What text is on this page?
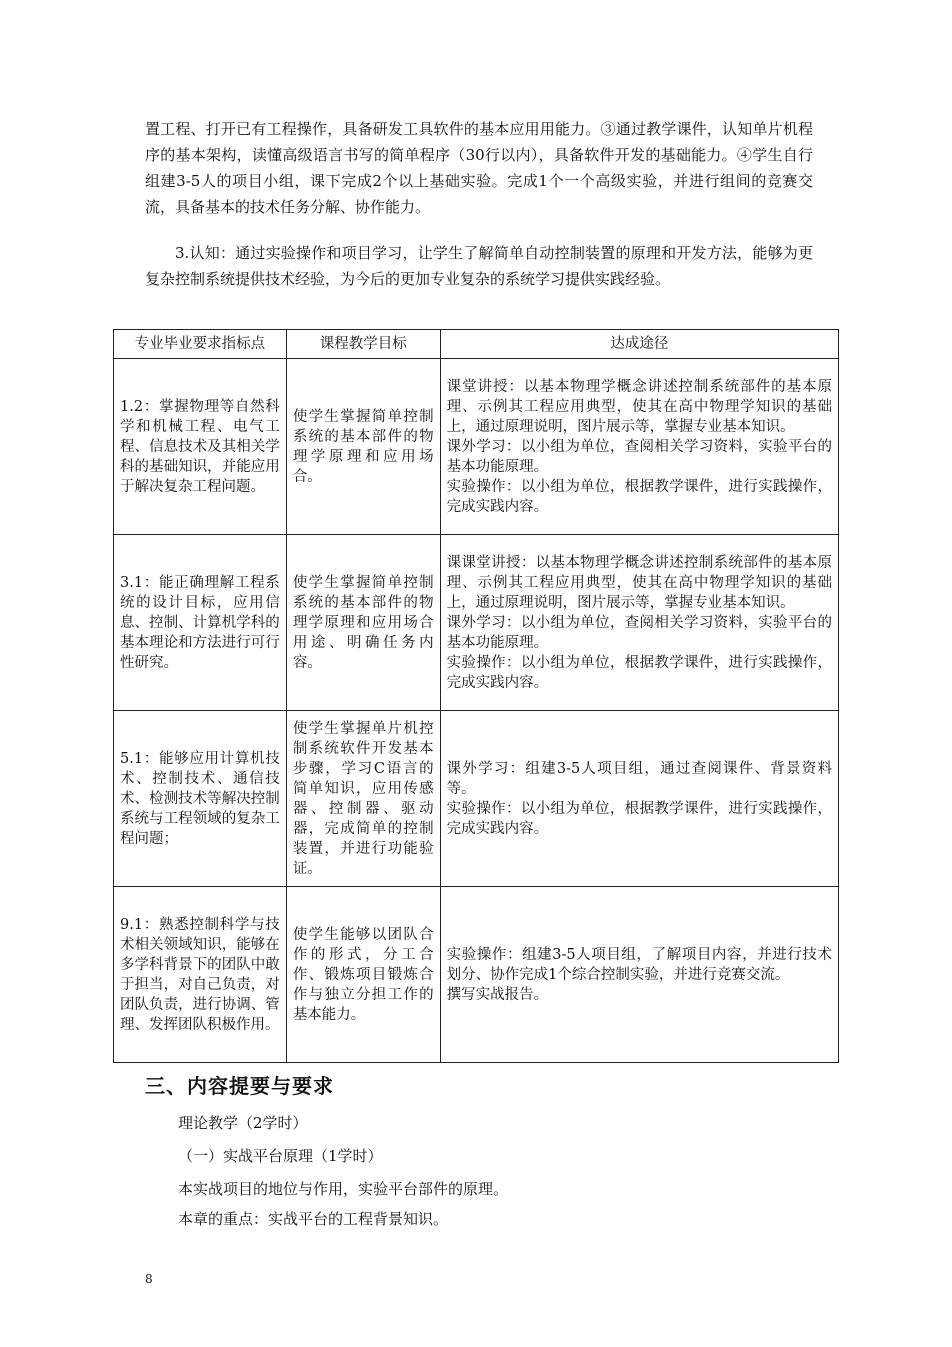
置工程、打开已有工程操作，具备研发工具软件的基本应用用能力。③通过教学课件，认知单片机程序的基本架构，读懂高级语言书写的简单程序（30行以内），具备软件开发的基础能力。④学生自行组建3-5人的项目小组，课下完成2个以上基础实验。完成1个一个高级实验，并进行组间的竞赛交流，具备基本的技术任务分解、协作能力。

3.认知：通过实验操作和项目学习，让学生了解简单自动控制装置的原理和开发方法，能够为更复杂控制系统提供技术经验，为今后的更加专业复杂的系统学习提供实践经验。

专业毕业要求指标点	课程教学目标	达成途径
1.2：掌握物理等自然科学和机械工程、电气工程、信息技术及其相关学科的基础知识，并能应用于解决复杂工程问题。	使学生掌握简单控制系统的基本部件的物理学原理和应用场合。	课堂讲授：以基本物理学概念讲述控制系统部件的基本原理、示例其工程应用典型，使其在高中物理学知识的基础上，通过原理说明，图片展示等，掌握专业基本知识。
课外学习：以小组为单位，查阅相关学习资料，实验平台的基本功能原理。
实验操作：以小组为单位，根据教学课件，进行实践操作，完成实践内容。

3.1：能正确理解工程系统的设计目标，应用信息、控制、计算机学科的基本理论和方法进行可行性研究。	使学生掌握简单控制系统的基本部件的物理学原理和应用场合用途、明确任务内容。	课课堂讲授：以基本物理学概念讲述控制系统部件的基本原理、示例其工程应用典型，使其在高中物理学知识的基础上，通过原理说明，图片展示等，掌握专业基本知识。
课外学习：以小组为单位，查阅相关学习资料，实验平台的基本功能原理。
实验操作：以小组为单位，根据教学课件，进行实践操作，完成实践内容。

5.1：能够应用计算机技术、控制技术、通信技术、检测技术等解决控制系统与工程领域的复杂工程问题；	使学生掌握单片机控制系统软件开发基本步骤，学习C语言的简单知识，应用传感器、控制器、驱动器，完成简单的控制装置，并进行功能验证。	课外学习：组建3-5人项目组，通过查阅课件、背景资料等。
实验操作：以小组为单位，根据教学课件，进行实践操作，完成实践内容。

9.1：熟悉控制科学与技术相关领域知识，能够在多学科背景下的团队中敢于担当，对自己负责，对团队负责，进行协调、管理、发挥团队积极作用。	使学生能够以团队合作的形式，分工合作、锻炼项目锻炼合作与独立分担工作的基本能力。	实验操作：组建3-5人项目组，了解项目内容，并进行技术划分、协作完成1个综合控制实验，并进行竞赛交流。
撰写实战报告。
三、内容提要与要求

理论教学（2学时）

（一）实战平台原理（1学时）

本实战项目的地位与作用，实验平台部件的原理。

本章的重点：实战平台的工程背景知识。

8
